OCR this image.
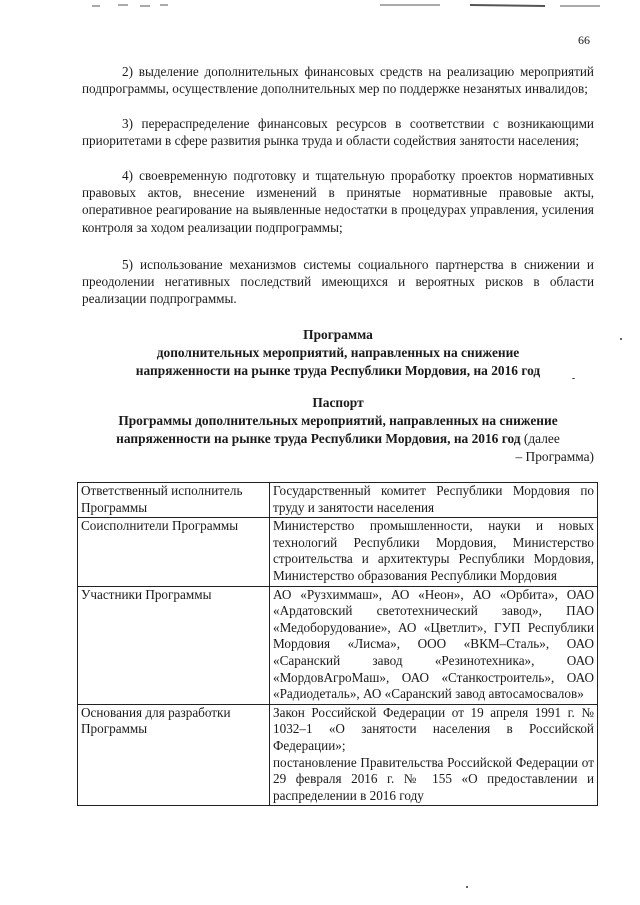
66

2) выделение дополнительных финансовых средств на реализацию мероприятий подпрограммы, осуществление дополнительных мер по поддержке незанятых инвалидов;

3) перераспределение финансовых ресурсов в соответствии с возникающими приоритетами в сфере развития рынка труда и области содействия занятости населения;

4) своевременную подготовку и тщательную проработку проектов нормативных правовых актов, внесение изменений в принятые нормативные правовые акты, оперативное реагирование на выявленные недостатки в процедурах управления, усиления контроля за ходом реализации подпрограммы;

5) использование механизмов системы социального партнерства в снижении и преодолении негативных последствий имеющихся и вероятных рисков в области реализации подпрограммы.

Программа
дополнительных мероприятий, направленных на снижение
напряженности на рынке труда Республики Мордовия, на 2016 год
Паспорт
Программы дополнительных мероприятий, направленных на снижение
напряженности на рынке труда Республики Мордовия, на 2016 год (далее
– Программа)
Ответственный исполнитель Программы	Государственный комитет Республики Мордовия по труду и занятости населения
Соисполнители Программы	Министерство промышленности, науки и новых технологий Республики Мордовия, Министерство строительства и архитектуры Республики Мордовия, Министерство образования Республики Мордовия
Участники Программы	АО «Рузхиммаш», АО «Неон», АО «Орбита», ОАО «Ардатовский светотехнический завод», ПАО «Медоборудование», АО «Цветлит», ГУП Республики Мордовия «Лисма», ООО «ВКМ–Сталь», ОАО «Саранский завод «Резинотехника», ОАО «МордовАгроМаш», ОАО «Станкостроитель», ОАО «Радиодеталь», АО «Саранский завод автосамосвалов»
Основания для разработки Программы	Закон Российской Федерации от 19 апреля 1991 г. № 1032–1 «О занятости населения в Российской Федерации»;
постановление Правительства Российской Федерации от 29 февраля 2016 г. № 155 «О предоставлении и распределении в 2016 году
